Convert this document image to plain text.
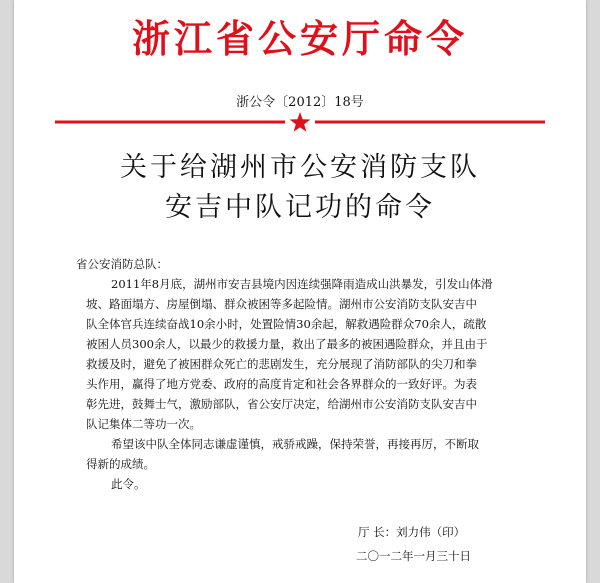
浙江省公安厅命令
浙公令〔2012〕18号
关于给湖州市公安消防支队
安吉中队记功的命令
省公安消防总队：
2011年8月底，湖州市安吉县境内因连续强降雨造成山洪暴发，引发山体滑
坡、路面塌方、房屋倒塌、群众被困等多起险情。湖州市公安消防支队安吉中
队全体官兵连续奋战10余小时，处置险情30余起，解救遇险群众70余人，疏散
被困人员300余人，以最少的救援力量，救出了最多的被困遇险群众，并且由于
救援及时，避免了被困群众死亡的悲剧发生，充分展现了消防部队的尖刀和拳
头作用，赢得了地方党委、政府的高度肯定和社会各界群众的一致好评。为表
彰先进，鼓舞士气，激励部队，省公安厅决定，给湖州市公安消防支队安吉中
队记集体二等功一次。
希望该中队全体同志谦虚谨慎，戒骄戒躁，保持荣誉，再接再厉，不断取
得新的成绩。
此令。
厅 长：刘力伟（印）
二〇一二年一月三十日
